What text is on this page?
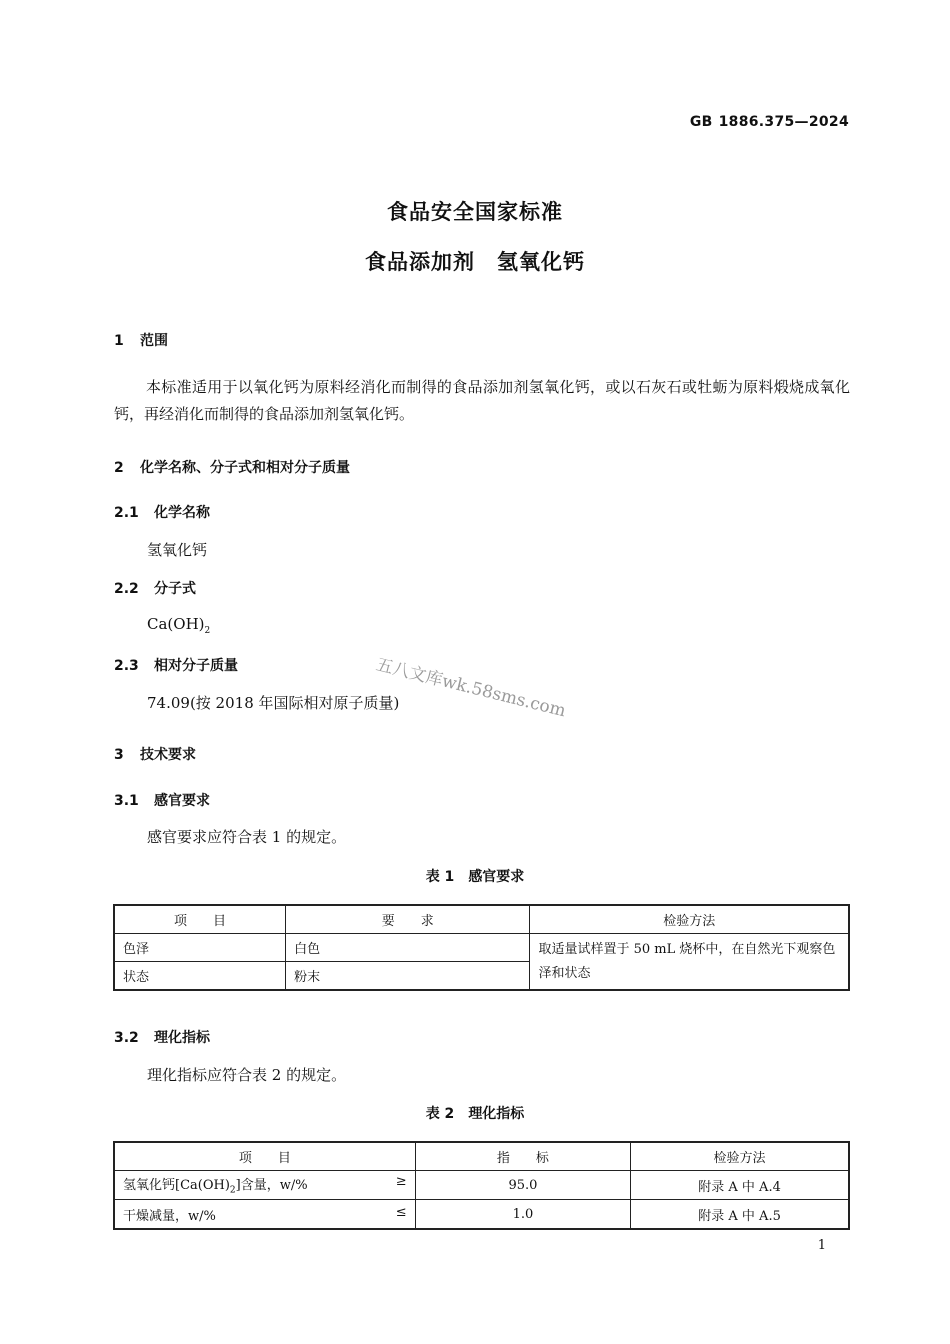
GB 1886.375—2024
食品安全国家标准
食品添加剂　氢氧化钙
1 范围
本标准适用于以氧化钙为原料经消化而制得的食品添加剂氢氧化钙，或以石灰石或牡蛎为原料煅烧成氧化钙，再经消化而制得的食品添加剂氢氧化钙。
2 化学名称、分子式和相对分子质量
2.1 化学名称
氢氧化钙
2.2 分子式
$Ca(OH)_2$
2.3 相对分子质量
74.09(按 2018 年国际相对原子质量)
五八文库wk.58sms.com
3 技术要求
3.1 感官要求
感官要求应符合表 1 的规定。
表 1 感官要求
项　　目	要　　求	检验方法
色泽	白色	取适量试样置于 50 mL 烧杯中，在自然光下观察色泽和状态
状态	粉末	
3.2 理化指标
理化指标应符合表 2 的规定。
表 2 理化指标
项　　目	指　　标	检验方法
氢氧化钙$[Ca(OH)_2]$含量，w/% ≥	95.0	附录 A 中 A.4
干燥减量，w/% ≤	1.0	附录 A 中 A.5
1
